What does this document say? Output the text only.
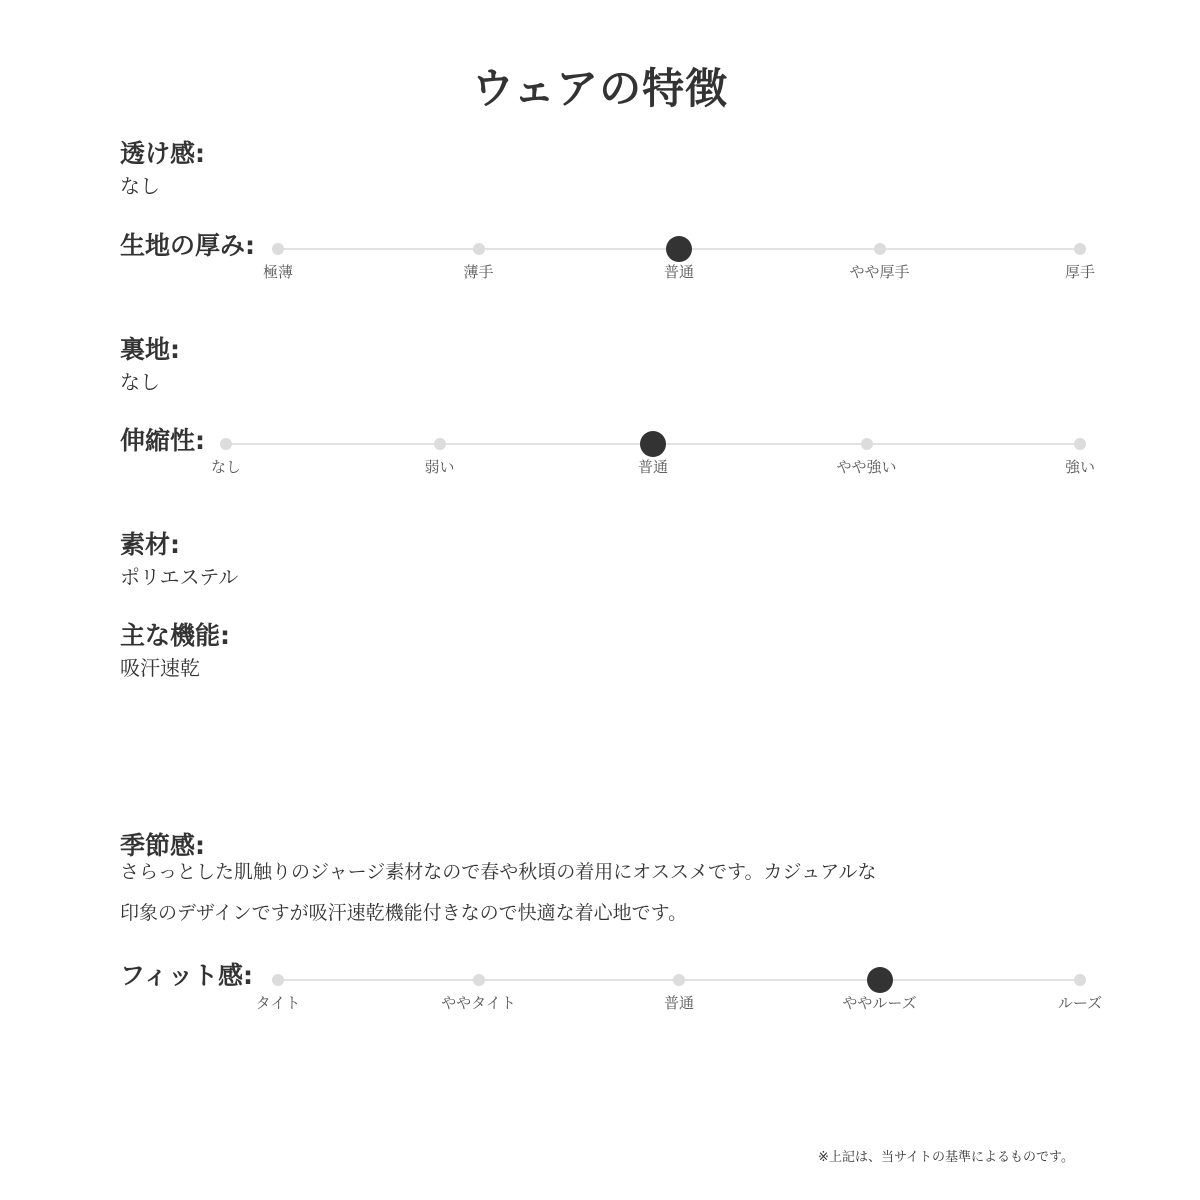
ウェアの特徴
透け感:
なし
生地の厚み:
裏地:
なし
伸縮性:
素材:
ポリエステル
主な機能:
吸汗速乾
季節感:
さらっとした肌触りのジャージ素材なので春や秋頃の着用にオススメです。カジュアルな印象のデザインですが吸汗速乾機能付きなので快適な着心地です。
フィット感:
※上記は、当サイトの基準によるものです。
極薄	薄手	普通	やや厚手	厚手
なし	弱い	普通	やや強い	強い
タイト	ややタイト	普通	ややルーズ	ルーズ
